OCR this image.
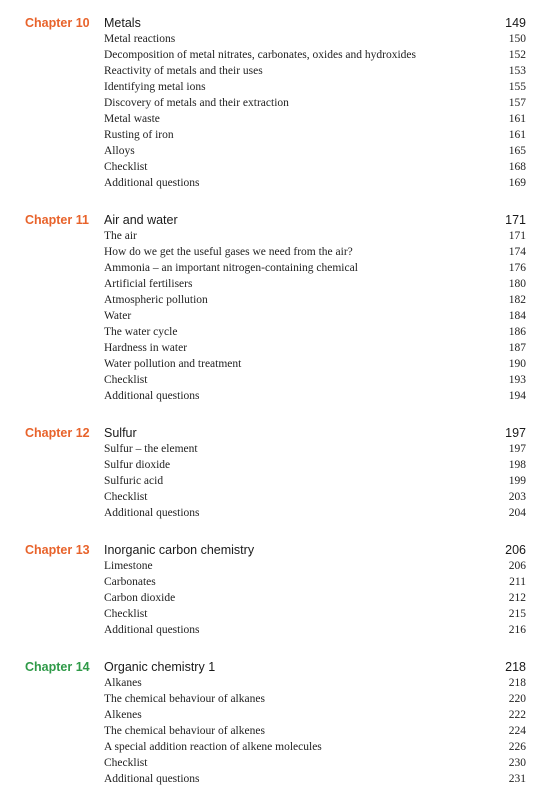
Chapter 10 Metals	149
Metal reactions	150
Decomposition of metal nitrates, carbonates, oxides and hydroxides	152
Reactivity of metals and their uses	153
Identifying metal ions	155
Discovery of metals and their extraction	157
Metal waste	161
Rusting of iron	161
Alloys	165
Checklist	168
Additional questions	169
Chapter 11 Air and water	171
The air	171
How do we get the useful gases we need from the air?	174
Ammonia – an important nitrogen-containing chemical	176
Artificial fertilisers	180
Atmospheric pollution	182
Water	184
The water cycle	186
Hardness in water	187
Water pollution and treatment	190
Checklist	193
Additional questions	194
Chapter 12 Sulfur	197
Sulfur – the element	197
Sulfur dioxide	198
Sulfuric acid	199
Checklist	203
Additional questions	204
Chapter 13 Inorganic carbon chemistry	206
Limestone	206
Carbonates	211
Carbon dioxide	212
Checklist	215
Additional questions	216
Chapter 14 Organic chemistry 1	218
Alkanes	218
The chemical behaviour of alkanes	220
Alkenes	222
The chemical behaviour of alkenes	224
A special addition reaction of alkene molecules	226
Checklist	230
Additional questions	231
